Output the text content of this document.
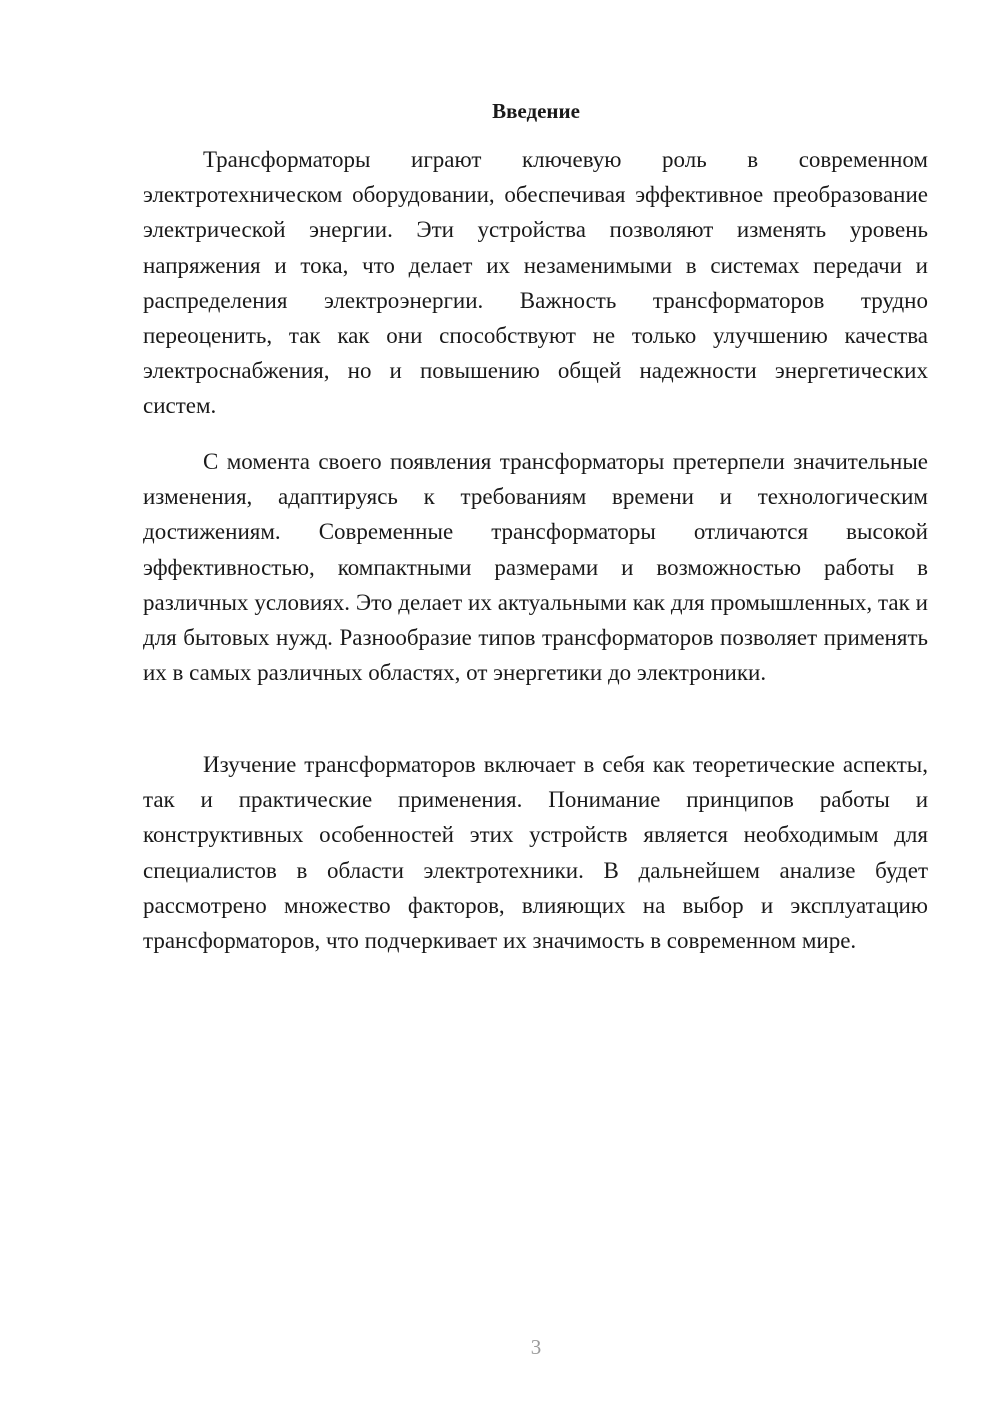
Введение

Трансформаторы играют ключевую роль в современном электротехническом оборудовании, обеспечивая эффективное преобразование электрической энергии. Эти устройства позволяют изменять уровень напряжения и тока, что делает их незаменимыми в системах передачи и распределения электроэнергии. Важность трансформаторов трудно переоценить, так как они способствуют не только улучшению качества электроснабжения, но и повышению общей надежности энергетических систем.

С момента своего появления трансформаторы претерпели значительные изменения, адаптируясь к требованиям времени и технологическим достижениям. Современные трансформаторы отличаются высокой эффективностью, компактными размерами и возможностью работы в различных условиях. Это делает их актуальными как для промышленных, так и для бытовых нужд. Разнообразие типов трансформаторов позволяет применять их в самых различных областях, от энергетики до электроники.

Изучение трансформаторов включает в себя как теоретические аспекты, так и практические применения. Понимание принципов работы и конструктивных особенностей этих устройств является необходимым для специалистов в области электротехники. В дальнейшем анализе будет рассмотрено множество факторов, влияющих на выбор и эксплуатацию трансформаторов, что подчеркивает их значимость в современном мире.

3
